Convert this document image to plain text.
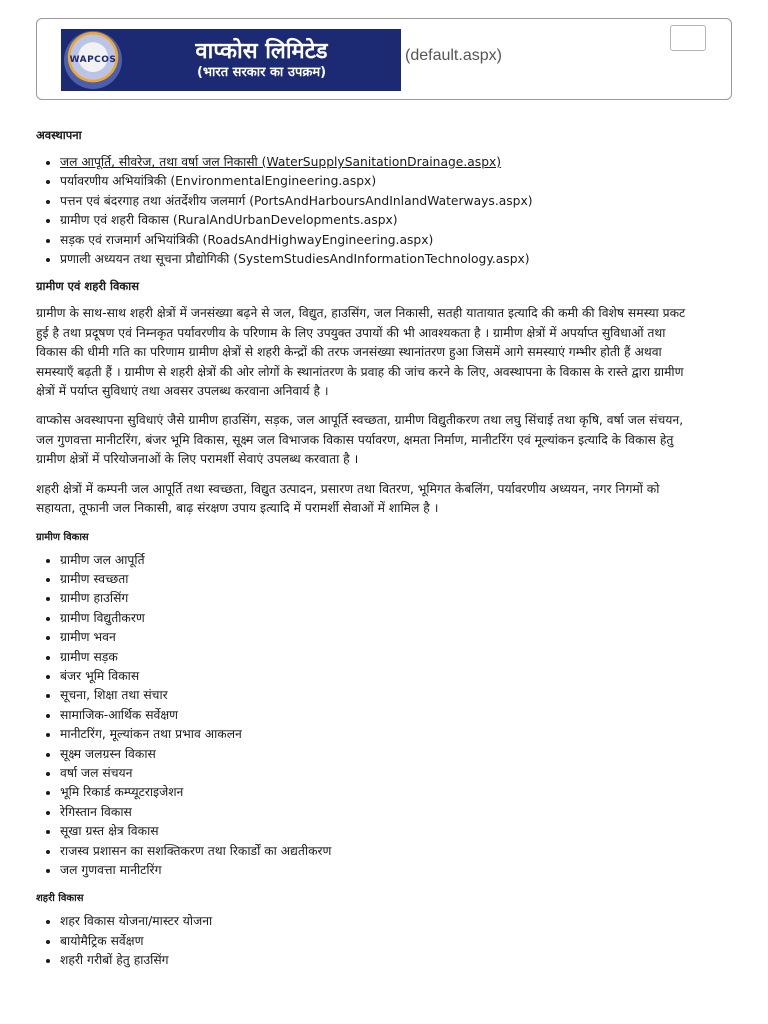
WAPCOS	वाप्कोस लिमिटेड
(भारत सरकार का उपक्रम)
(default.aspx)
अवस्थापना
• जल आपूर्ति, सीवरेज, तथा वर्षा जल निकासी (WaterSupplySanitationDrainage.aspx)
• पर्यावरणीय अभियांत्रिकी (EnvironmentalEngineering.aspx)
• पत्तन एवं बंदरगाह तथा अंतर्देशीय जलमार्ग (PortsAndHarboursAndInlandWaterways.aspx)
• ग्रामीण एवं शहरी विकास (RuralAndUrbanDevelopments.aspx)
• सड़क एवं राजमार्ग अभियांत्रिकी (RoadsAndHighwayEngineering.aspx)
• प्रणाली अध्ययन तथा सूचना प्रौद्योगिकी (SystemStudiesAndInformationTechnology.aspx)
ग्रामीण एवं शहरी विकास

ग्रामीण के साथ-साथ शहरी क्षेत्रों में जनसंख्या बढ़ने से जल, विद्युत, हाउसिंग, जल निकासी, सतही यातायात इत्यादि की कमी की विशेष समस्या प्रकट
हुई है तथा प्रदूषण एवं निम्नकृत पर्यावरणीय के परिणाम के लिए उपयुक्त उपायों की भी आवश्यकता है । ग्रामीण क्षेत्रों में अपर्याप्त सुविधाओं तथा
विकास की धीमी गति का परिणाम ग्रामीण क्षेत्रों से शहरी केन्द्रों की तरफ जनसंख्या स्थानांतरण हुआ जिसमें आगे समस्याएं गम्भीर होती हैं अथवा
समस्याएँ बढ़ती हैं । ग्रामीण से शहरी क्षेत्रों की ओर लोगों के स्थानांतरण के प्रवाह की जांच करने के लिए, अवस्थापना के विकास के रास्ते द्वारा ग्रामीण
क्षेत्रों में पर्याप्त सुविधाएं तथा अवसर उपलब्ध करवाना अनिवार्य है ।

वाप्कोस अवस्थापना सुविधाएं जैसे ग्रामीण हाउसिंग, सड़क, जल आपूर्ति स्वच्छता, ग्रामीण विद्युतीकरण तथा लघु सिंचाई तथा कृषि, वर्षा जल संचयन,
जल गुणवत्ता मानीटरिंग, बंजर भूमि विकास, सूक्ष्म जल विभाजक विकास पर्यावरण, क्षमता निर्माण, मानीटरिंग एवं मूल्यांकन इत्यादि के विकास हेतु
ग्रामीण क्षेत्रों में परियोजनाओं के लिए परामर्शी सेवाएं उपलब्ध करवाता है ।

शहरी क्षेत्रों में कम्पनी जल आपूर्ति तथा स्वच्छता, विद्युत उत्पादन, प्रसारण तथा वितरण, भूमिगत केबलिंग, पर्यावरणीय अध्ययन, नगर निगमों को
सहायता, तूफानी जल निकासी, बाढ़ संरक्षण उपाय इत्यादि में परामर्शी सेवाओं में शामिल है ।

ग्रामीण विकास
• ग्रामीण जल आपूर्ति
• ग्रामीण स्वच्छता
• ग्रामीण हाउसिंग
• ग्रामीण विद्युतीकरण
• ग्रामीण भवन
• ग्रामीण सड़क
• बंजर भूमि विकास
• सूचना, शिक्षा तथा संचार
• सामाजिक-आर्थिक सर्वेक्षण
• मानीटरिंग, मूल्यांकन तथा प्रभाव आकलन
• सूक्ष्म जलग्रस्न विकास
• वर्षा जल संचयन
• भूमि रिकार्ड कम्प्यूटराइजेशन
• रेगिस्तान विकास
• सूखा ग्रस्त क्षेत्र विकास
• राजस्व प्रशासन का सशक्तिकरण तथा रिकार्डों का अद्यतीकरण
• जल गुणवत्ता मानीटरिंग
शहरी विकास
• शहर विकास योजना/मास्टर योजना
• बायोमैट्रिक सर्वेक्षण
• शहरी गरीबों हेतु हाउसिंग
